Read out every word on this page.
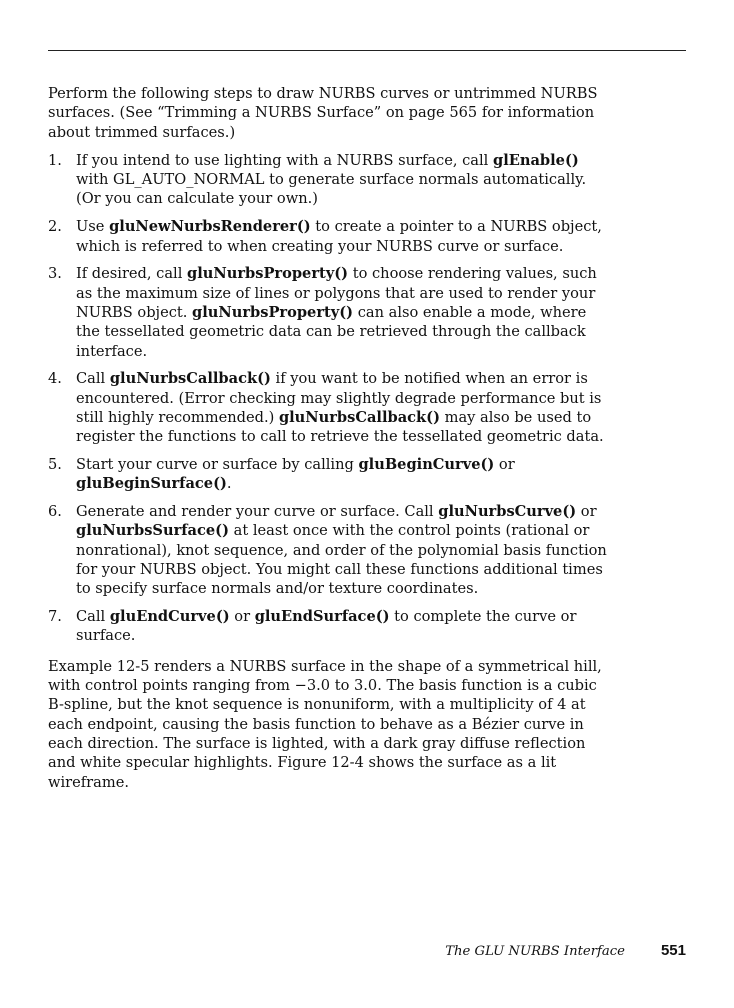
Perform the following steps to draw NURBS curves or untrimmed NURBS surfaces. (See “Trimming a NURBS Surface” on page 565 for information about trimmed surfaces.)

1. If you intend to use lighting with a NURBS surface, call glEnable() with GL_AUTO_NORMAL to generate surface normals automatically. (Or you can calculate your own.)
2. Use gluNewNurbsRenderer() to create a pointer to a NURBS object, which is referred to when creating your NURBS curve or surface.
3. If desired, call gluNurbsProperty() to choose rendering values, such as the maximum size of lines or polygons that are used to render your NURBS object. gluNurbsProperty() can also enable a mode, where the tessellated geometric data can be retrieved through the callback interface.
4. Call gluNurbsCallback() if you want to be notified when an error is encountered. (Error checking may slightly degrade performance but is still highly recommended.) gluNurbsCallback() may also be used to register the functions to call to retrieve the tessellated geometric data.
5. Start your curve or surface by calling gluBeginCurve() or gluBeginSurface().
6. Generate and render your curve or surface. Call gluNurbsCurve() or gluNurbsSurface() at least once with the control points (rational or nonrational), knot sequence, and order of the polynomial basis function for your NURBS object. You might call these functions additional times to specify surface normals and/or texture coordinates.
7. Call gluEndCurve() or gluEndSurface() to complete the curve or surface.

Example 12-5 renders a NURBS surface in the shape of a symmetrical hill, with control points ranging from −3.0 to 3.0. The basis function is a cubic B-spline, but the knot sequence is nonuniform, with a multiplicity of 4 at each endpoint, causing the basis function to behave as a Bézier curve in each direction. The surface is lighted, with a dark gray diffuse reflection and white specular highlights. Figure 12-4 shows the surface as a lit wireframe.

The GLU NURBS Interface 551
